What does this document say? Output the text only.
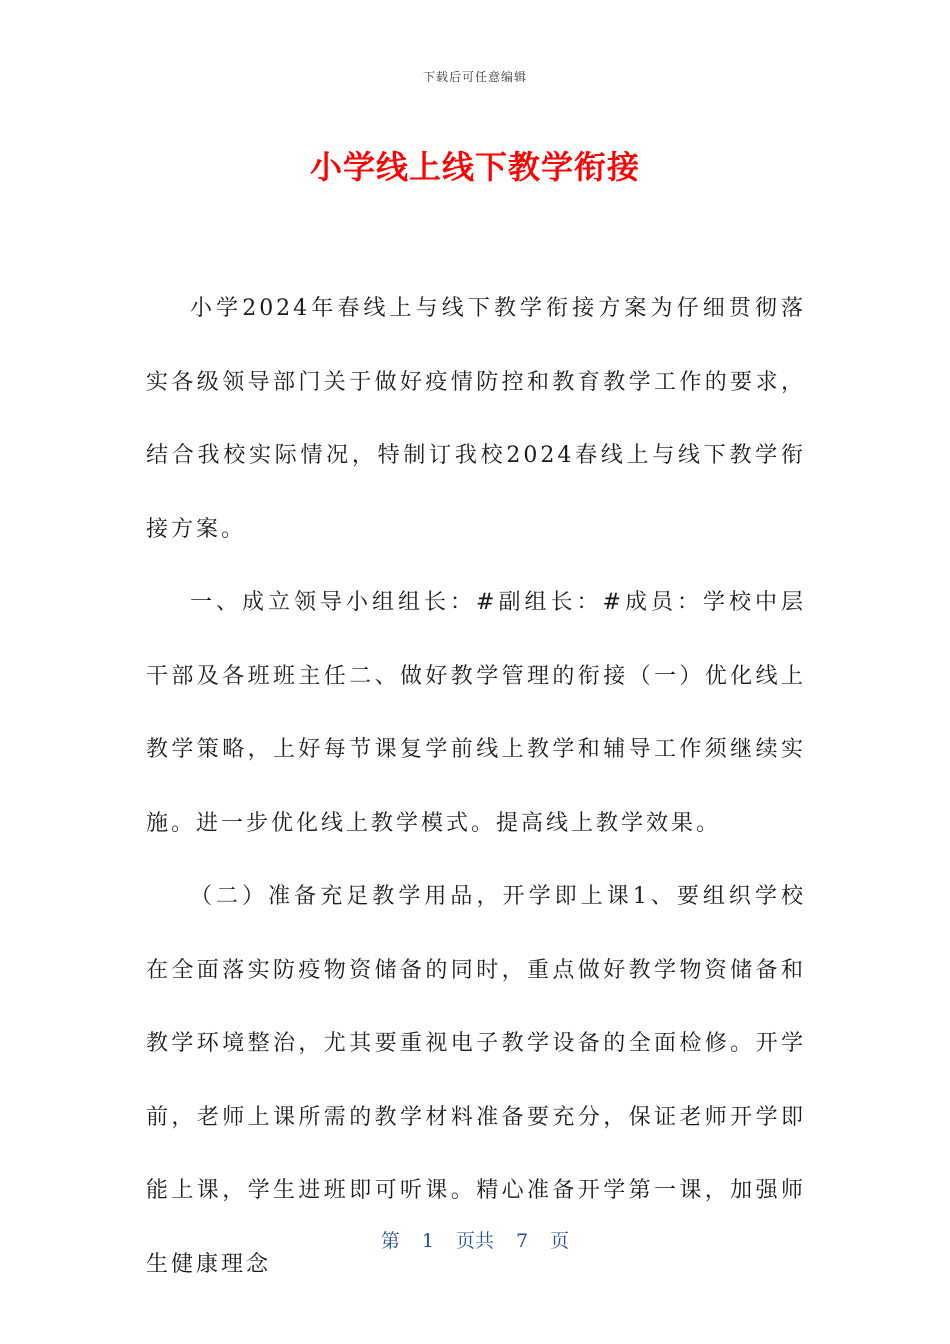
下载后可任意编辑
小学线上线下教学衔接

小学2024年春线上与线下教学衔接方案为仔细贯彻落实各级领导部门关于做好疫情防控和教育教学工作的要求，结合我校实际情况，特制订我校2024春线上与线下教学衔接方案。

一、成立领导小组组长：#副组长：#成员：学校中层干部及各班班主任二、做好教学管理的衔接（一）优化线上教学策略，上好每节课复学前线上教学和辅导工作须继续实施。进一步优化线上教学模式。提高线上教学效果。

（二）准备充足教学用品，开学即上课1、要组织学校在全面落实防疫物资储备的同时，重点做好教学物资储备和教学环境整治，尤其要重视电子教学设备的全面检修。开学前，老师上课所需的教学材料准备要充分，保证老师开学即能上课，学生进班即可听课。精心准备开学第一课，加强师生健康理念

第 1 页共 7 页
